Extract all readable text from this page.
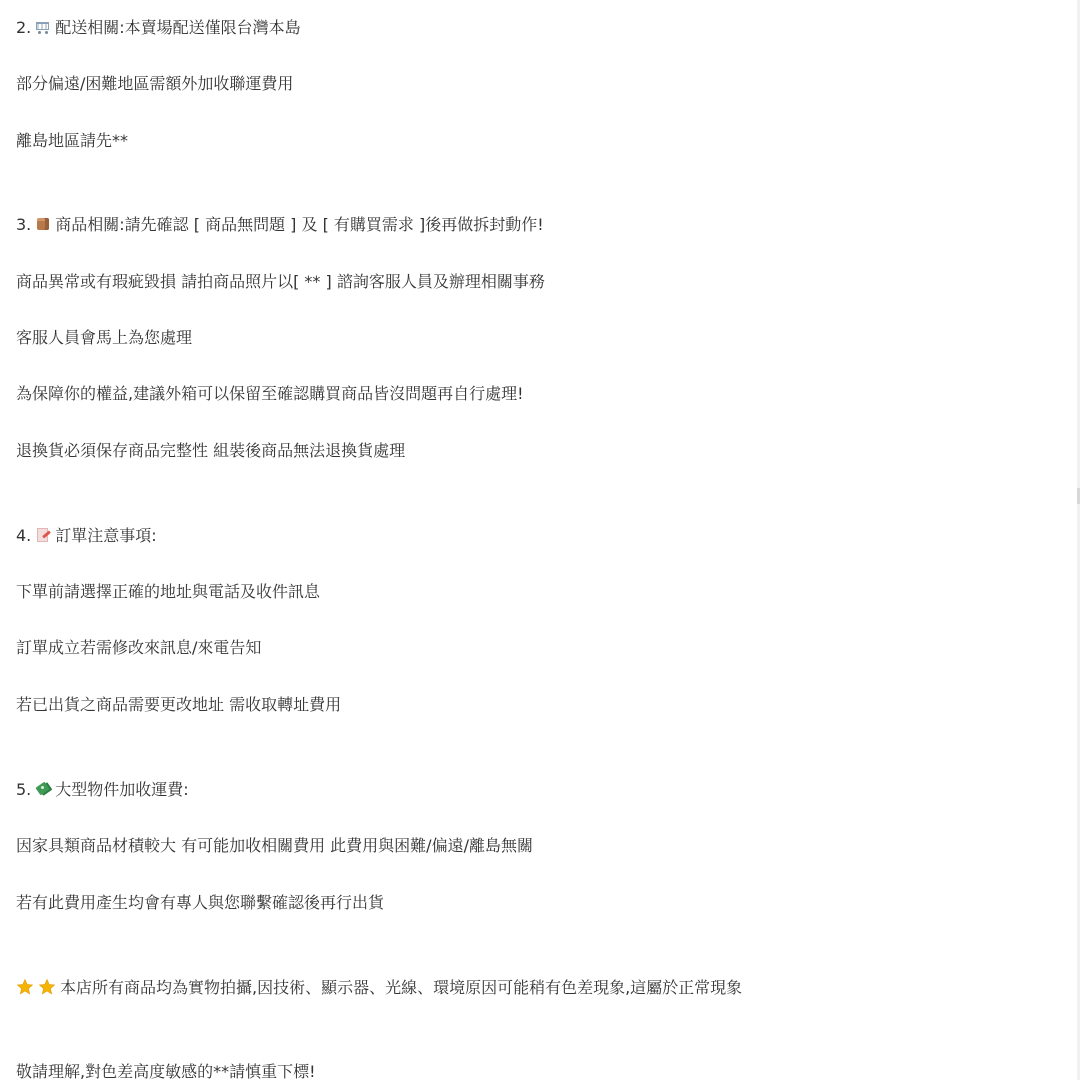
2. 配送相關:本賣場配送僅限台灣本島
部分偏遠/困難地區需額外加收聯運費用
離島地區請先**
3. 商品相關:請先確認 [ 商品無問題 ] 及 [ 有購買需求 ]後再做拆封動作!
商品異常或有瑕疵毀損 請拍商品照片以[ ** ] 諮詢客服人員及辦理相關事務
客服人員會馬上為您處理
為保障你的權益,建議外箱可以保留至確認購買商品皆沒問題再自行處理!
退換貨必須保存商品完整性 組裝後商品無法退換貨處理
4. 訂單注意事項:
下單前請選擇正確的地址與電話及收件訊息
訂單成立若需修改來訊息/來電告知
若已出貨之商品需要更改地址 需收取轉址費用
5. 大型物件加收運費:
因家具類商品材積較大 有可能加收相關費用 此費用與困難/偏遠/離島無關
若有此費用產生均會有專人與您聯繫確認後再行出貨
本店所有商品均為實物拍攝,因技術、顯示器、光線、環境原因可能稍有色差現象,這屬於正常現象
敬請理解,對色差高度敏感的**請慎重下標!
